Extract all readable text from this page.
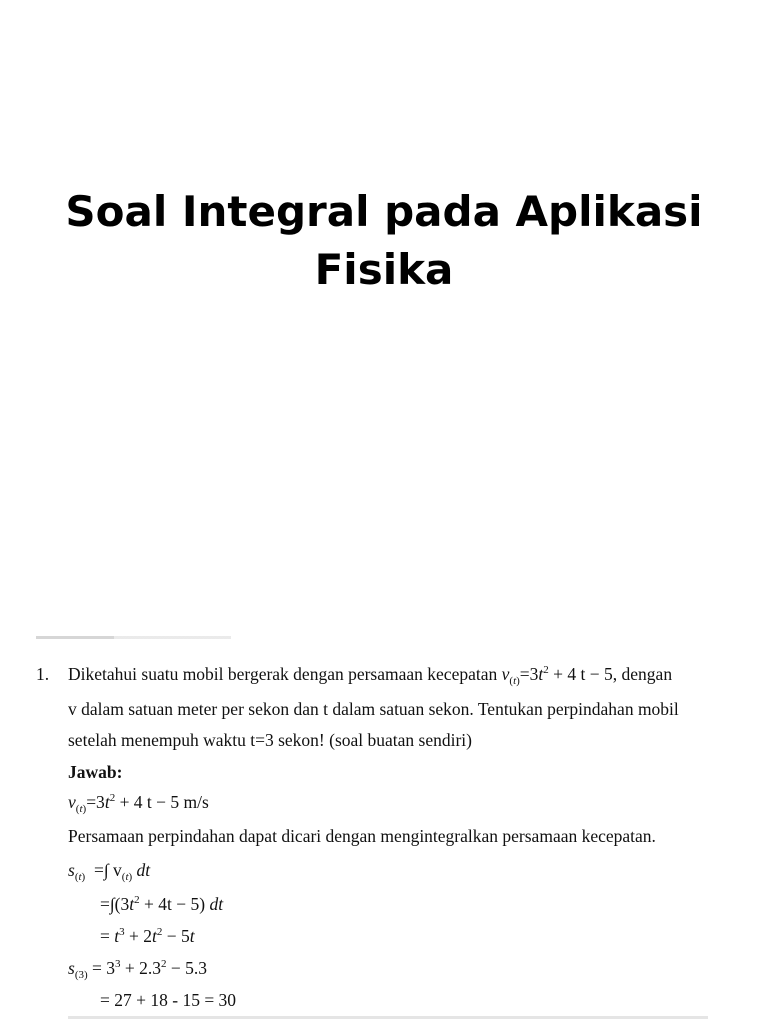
Soal Integral pada Aplikasi Fisika
1. Diketahui suatu mobil bergerak dengan persamaan kecepatan $v_{(t)}=3t^2 + 4$ t − 5, dengan
v dalam satuan meter per sekon dan t dalam satuan sekon. Tentukan perpindahan mobil
setelah menempuh waktu t=3 sekon! (soal buatan sendiri)
Jawab:
$v_{(t)}=3t^2 + 4$ t − 5 m/s
Persamaan perpindahan dapat dicari dengan mengintegralkan persamaan kecepatan.
$s_{(t)}$  =∫ $v_{(t)}$ dt
$=\int(3t^2 + 4t - 5)$ dt
= $t^3 + 2t^2 - 5t$
$s_{(3)} = 3^3 + 2.3^2 - 5.3$
= 27 + 18 - 15 = 30
